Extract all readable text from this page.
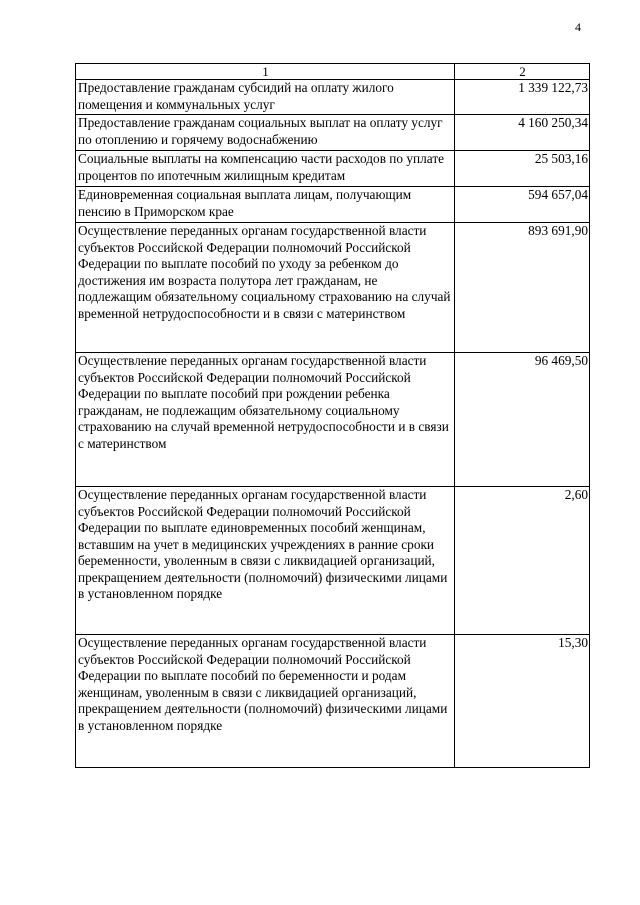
4
1	2
Предоставление гражданам субсидий на оплату жилого помещения и коммунальных услуг	1 339 122,73
Предоставление гражданам социальных выплат на оплату услуг по отоплению и горячему водоснабжению	4 160 250,34
Социальные выплаты на компенсацию части расходов по уплате процентов по ипотечным жилищным кредитам	25 503,16
Единовременная социальная выплата лицам, получающим пенсию в Приморском крае	594 657,04
Осуществление переданных органам государственной власти субъектов Российской Федерации полномочий Российской Федерации по выплате пособий по уходу за ребенком до достижения им возраста полутора лет гражданам, не подлежащим обязательному социальному страхованию на случай временной нетрудоспособности и в связи с материнством	893 691,90
Осуществление переданных органам государственной власти субъектов Российской Федерации полномочий Российской Федерации по выплате пособий при рождении ребенка гражданам, не подлежащим обязательному социальному страхованию на случай временной нетрудоспособности и в связи с материнством	96 469,50
Осуществление переданных органам государственной власти субъектов Российской Федерации полномочий Российской Федерации по выплате единовременных пособий женщинам, вставшим на учет в медицинских учреждениях в ранние сроки беременности, уволенным в связи с ликвидацией организаций, прекращением деятельности (полномочий) физическими лицами в установленном порядке	2,60
Осуществление переданных органам государственной власти субъектов Российской Федерации полномочий Российской Федерации по выплате пособий по беременности и родам женщинам, уволенным в связи с ликвидацией организаций, прекращением деятельности (полномочий) физическими лицами в установленном порядке	15,30
